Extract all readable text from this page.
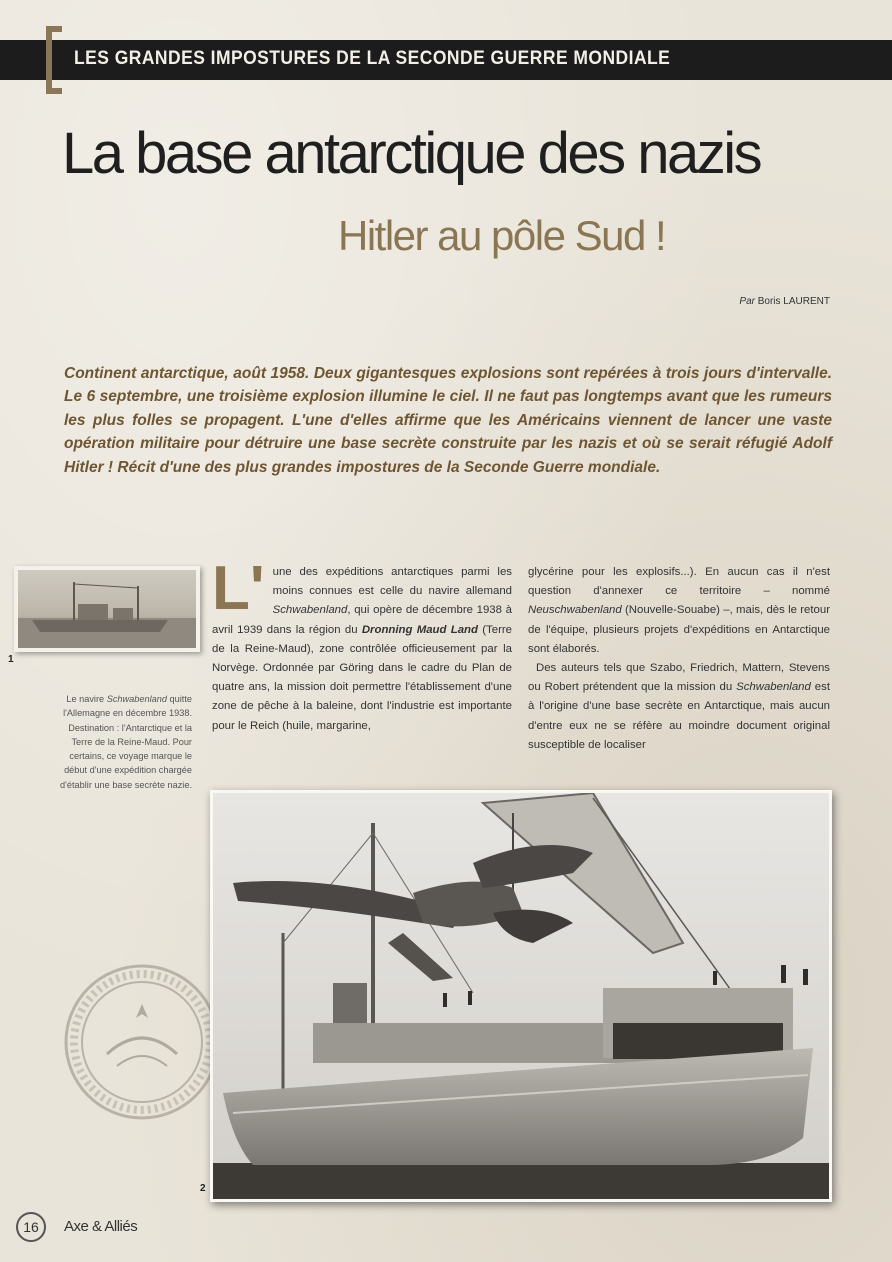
LES GRANDES IMPOSTURES DE LA SECONDE GUERRE MONDIALE
La base antarctique des nazis
Hitler au pôle Sud !
Par Boris LAURENT

Continent antarctique, août 1958. Deux gigantesques explosions sont repérées à trois jours d'intervalle. Le 6 septembre, une troisième explosion illumine le ciel. Il ne faut pas longtemps avant que les rumeurs les plus folles se propagent. L'une d'elles affirme que les Américains viennent de lancer une vaste opération militaire pour détruire une base secrète construite par les nazis et où se serait réfugié Adolf Hitler ! Récit d'une des plus grandes impostures de la Seconde Guerre mondiale.

1

Le navire Schwabenland quitte l'Allemagne en décembre 1938. Destination : l'Antarctique et la Terre de la Reine-Maud. Pour certains, ce voyage marque le début d'une expédition chargée d'établir une base secrète nazie.

L' une des expéditions antarctiques parmi les moins connues est celle du navire allemand Schwabenland, qui opère de décembre 1938 à avril 1939 dans la région du Dronning Maud Land (Terre de la Reine-Maud), zone contrôlée officieusement par la Norvège. Ordonnée par Göring dans le cadre du Plan de quatre ans, la mission doit permettre l'établissement d'une zone de pêche à la baleine, dont l'industrie est importante pour le Reich (huile, margarine,

glycérine pour les explosifs...). En aucun cas il n'est question d'annexer ce territoire – nommé Neuschwabenland (Nouvelle-Souabe) –, mais, dès le retour de l'équipe, plusieurs projets d'expéditions en Antarctique sont élaborés.

Des auteurs tels que Szabo, Friedrich, Mattern, Stevens ou Robert prétendent que la mission du Schwabenland est à l'origine d'une base secrète en Antarctique, mais aucun d'entre eux ne se réfère au moindre document original susceptible de localiser

2
16	Axe & Alliés
